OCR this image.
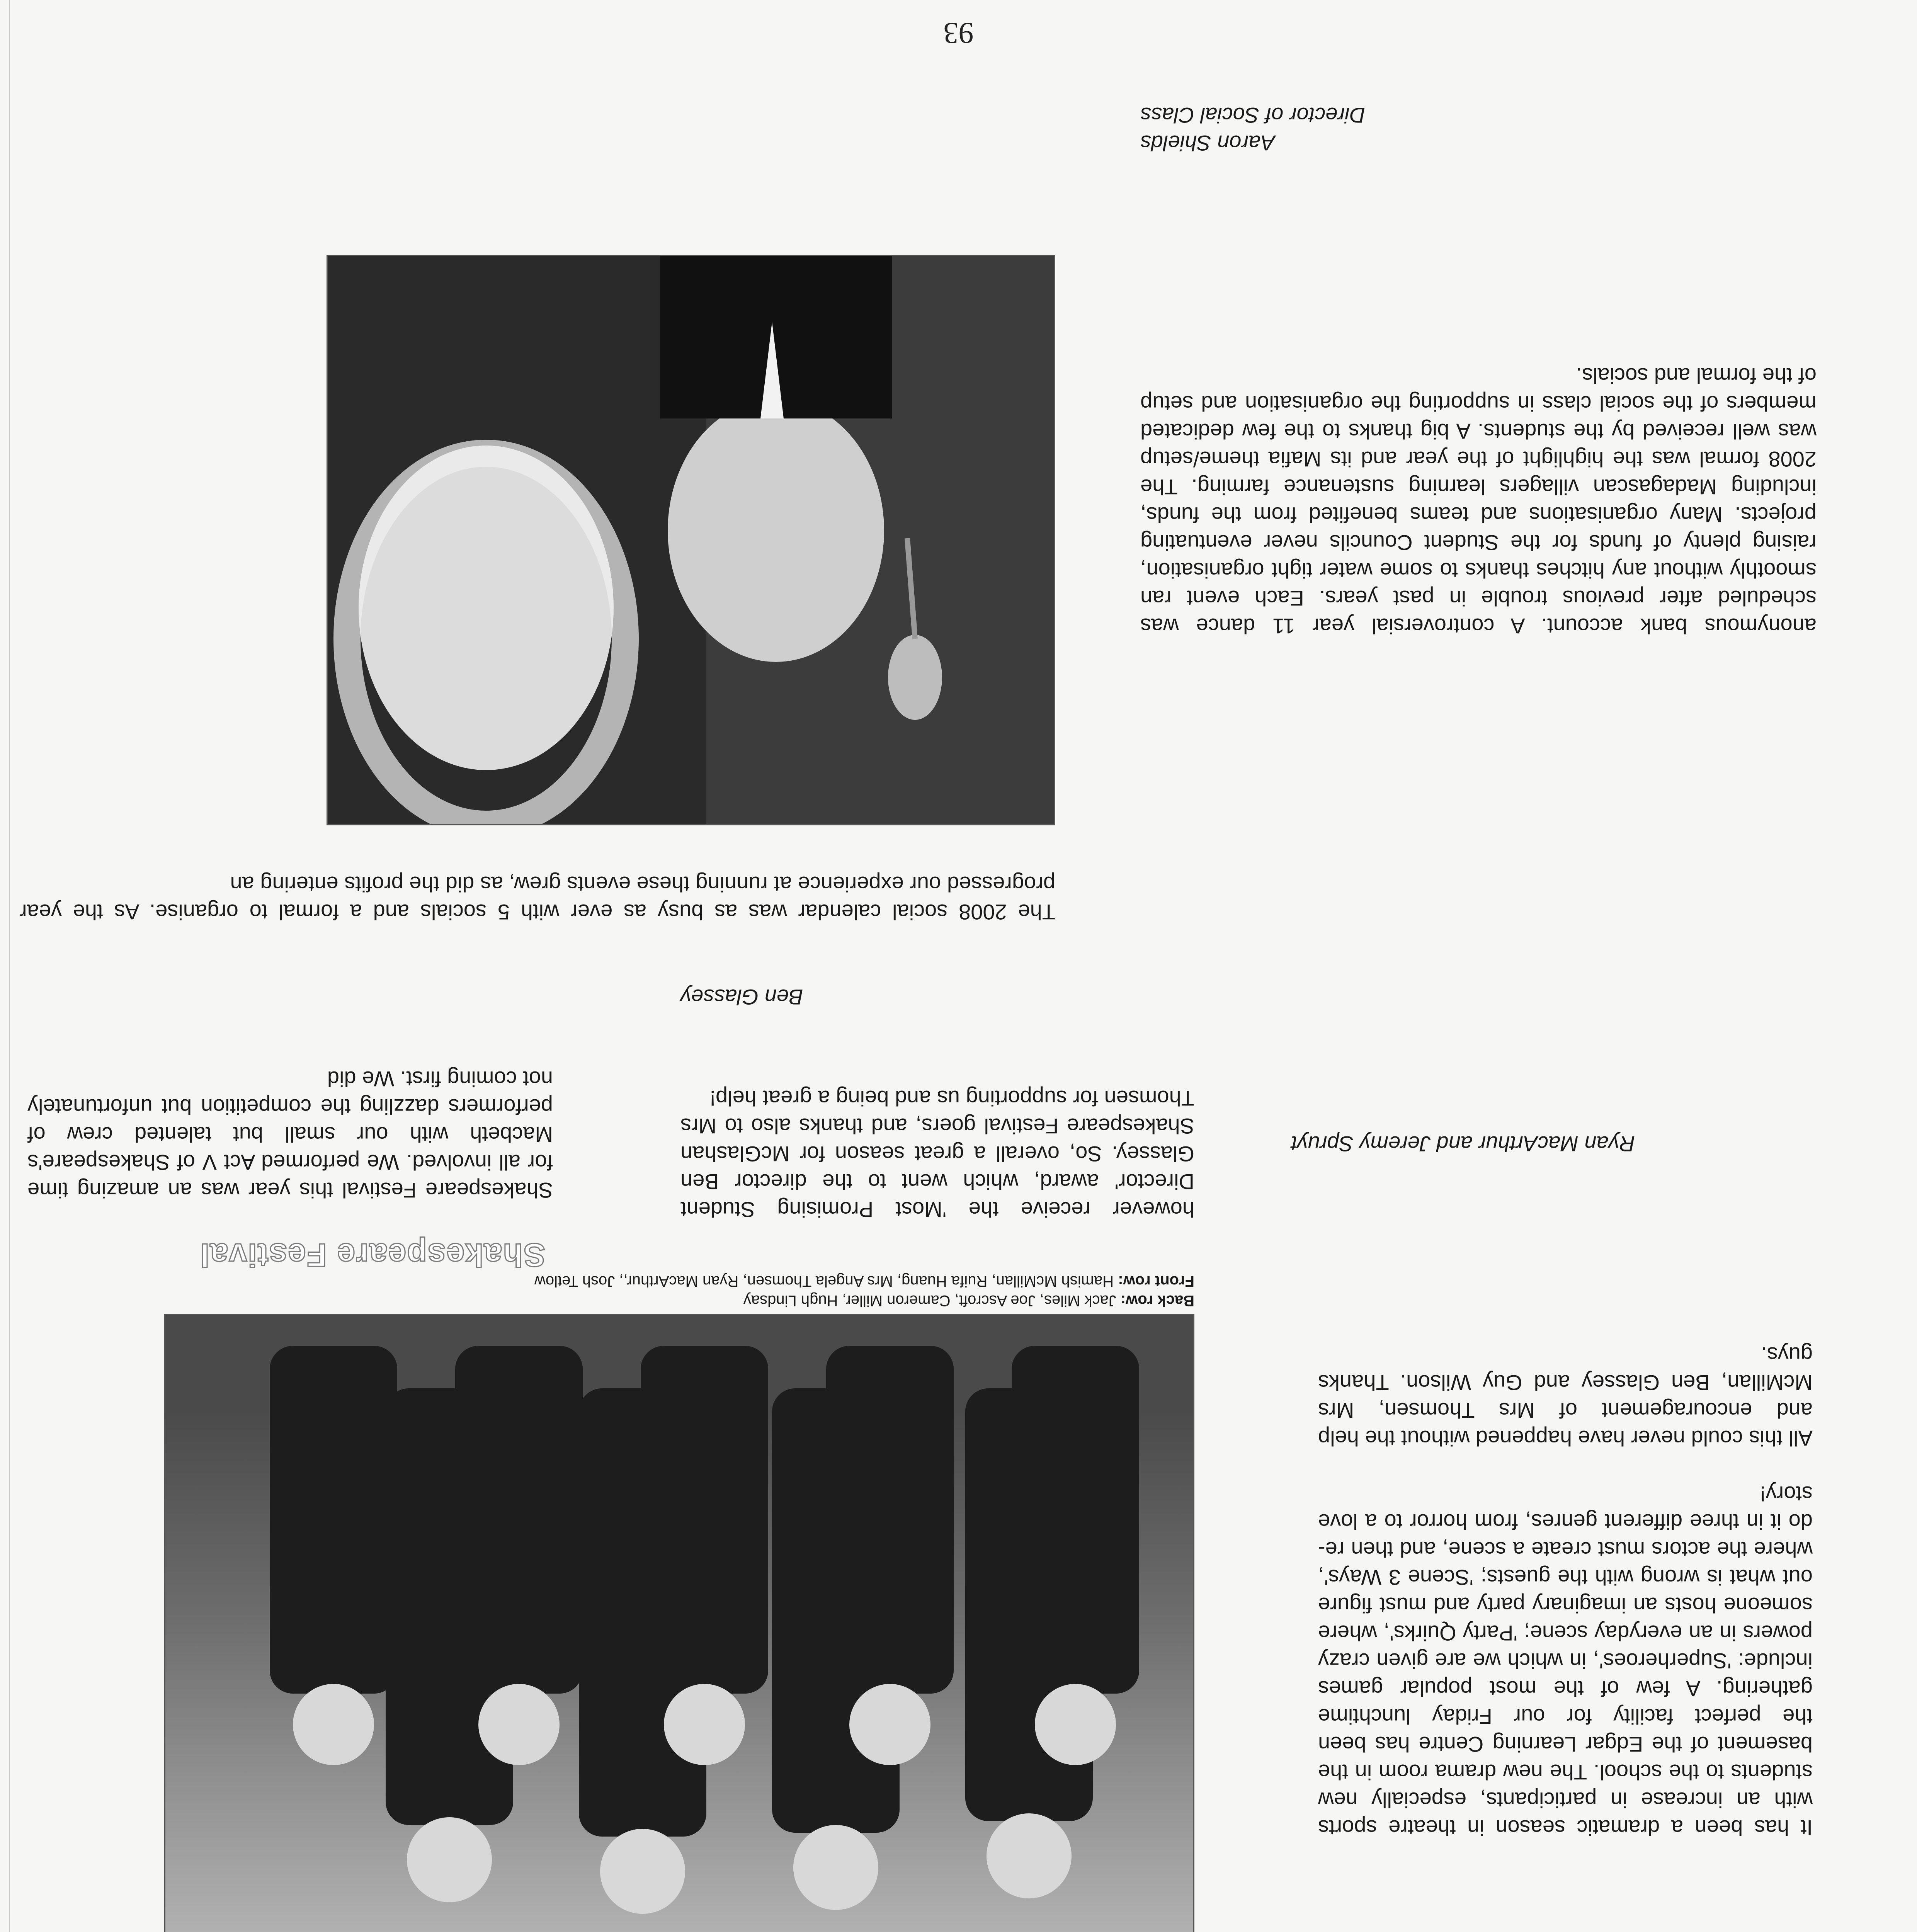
It has been a dramatic season in theatre sports with an increase in participants, especially new students to the school. The new drama room in the basement of the Edgar Learning Centre has been the perfect facility for our Friday lunchtime gathering. A few of the most popular games include: 'Superheroes', in which we are given crazy powers in an everyday scene; 'Party Quirks', where someone hosts an imaginary party and must figure out what is wrong with the guests; 'Scene 3 Ways', where the actors must create a scene, and then re-do it in three different genres, from horror to a love story!

All this could never have happened without the help and encouragement of Mrs Thomsen, Mrs McMillan, Ben Glassey and Guy Wilson. Thanks guys.

Ryan MacArthur and Jeremy Spruyt
Back row: Jack Miles, Joe Ascroft, Cameron Miller, Hugh Lindsay
Front row: Hamish McMillan, Ruifa Huang, Mrs Angela Thomsen, Ryan MacArthur,, Josh Tetlow
Shakespeare Festival

however receive the 'Most Promising Student Director' award, which went to the director Ben Glassey. So, overall a great season for McGlashan Shakespeare Festival goers, and thanks also to Mrs Thomsen for supporting us and being a great help!

Ben Glassey

Shakespeare Festival this year was an amazing time for all involved. We performed Act V of Shakespeare's Macbeth with our small but talented crew of performers dazzling the competition but unfortunately not coming first. We did

The 2008 social calendar was as busy as ever with 5 socials and a formal to organise. As the year progressed our experience at running these events grew, as did the profits entering an

anonymous bank account. A controversial year 11 dance was scheduled after previous trouble in past years. Each event ran smoothly without any hitches thanks to some water tight organisation, raising plenty of funds for the Student Councils never eventuating projects. Many organisations and teams benefited from the funds, including Madagascan villagers learning sustenance farming. The 2008 formal was the highlight of the year and its Mafia theme/setup was well received by the students. A big thanks to the few dedicated members of the social class in supporting the organisation and setup of the formal and socials.

Aaron Shields
Director of Social Class
93
